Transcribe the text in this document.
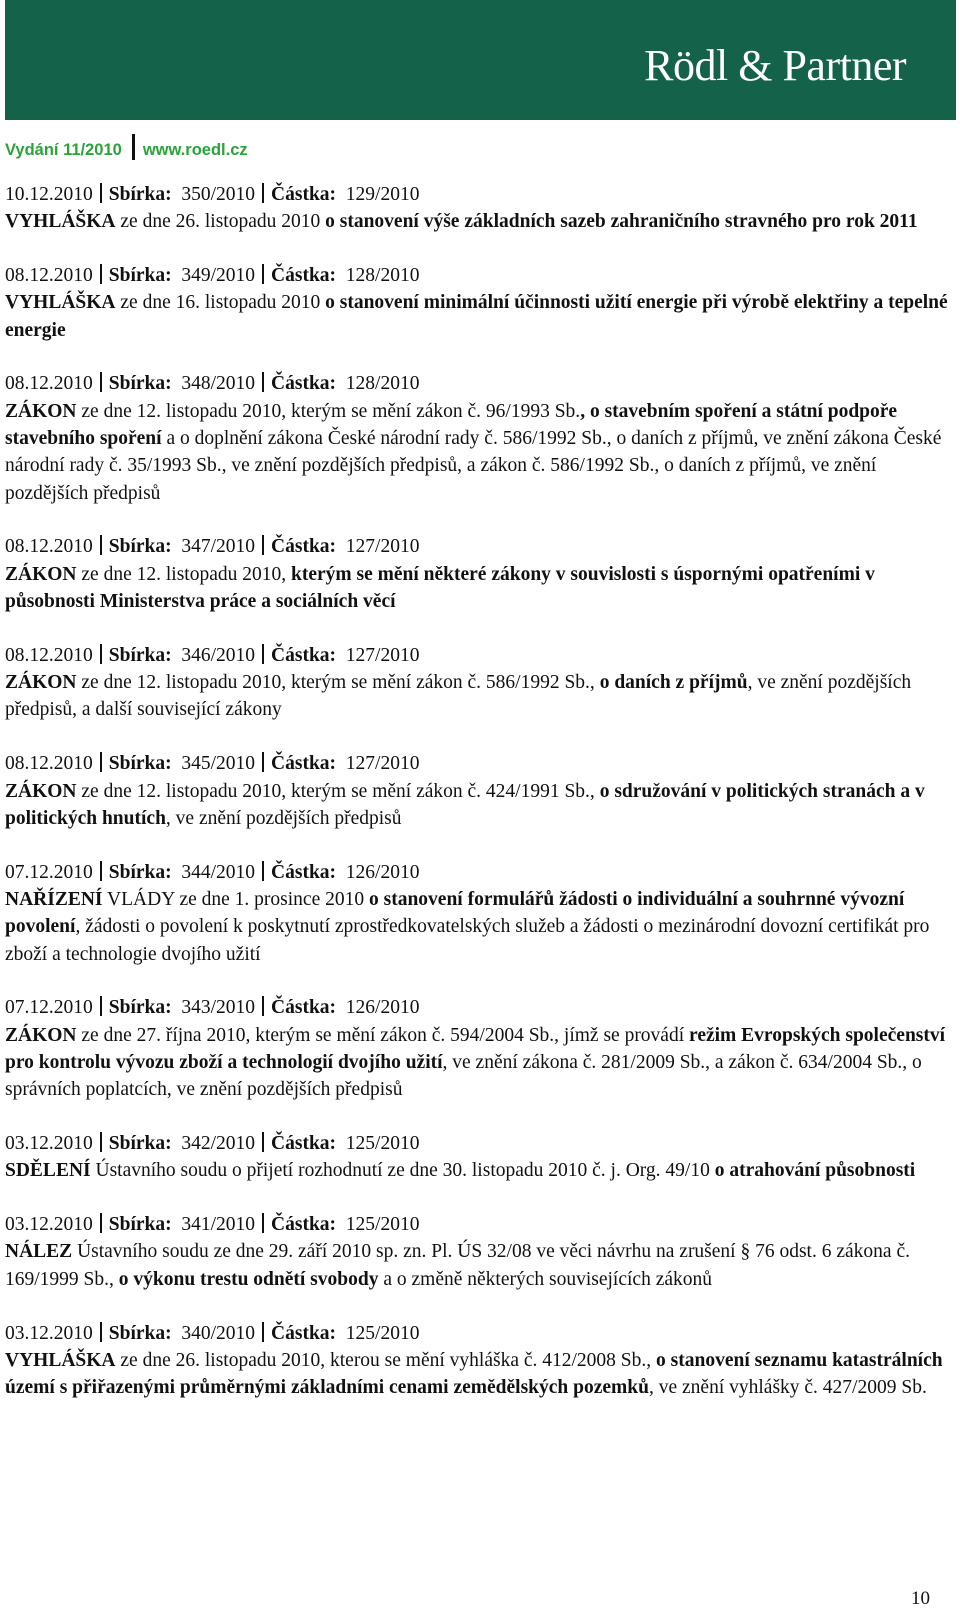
Rödl & Partner
Vydání 11/2010 www.roedl.cz
10.12.2010 Sbírka: 350/2010 Částka: 129/2010
VYHLÁŠKA ze dne 26. listopadu 2010 o stanovení výše základních sazeb zahraničního stravného pro rok 2011
08.12.2010 Sbírka: 349/2010 Částka: 128/2010
VYHLÁŠKA ze dne 16. listopadu 2010 o stanovení minimální účinnosti užití energie při výrobě elektřiny a tepelné energie
08.12.2010 Sbírka: 348/2010 Částka: 128/2010
ZÁKON ze dne 12. listopadu 2010, kterým se mění zákon č. 96/1993 Sb., o stavebním spoření a státní podpoře stavebního spoření a o doplnění zákona České národní rady č. 586/1992 Sb., o daních z příjmů, ve znění zákona České národní rady č. 35/1993 Sb., ve znění pozdějších předpisů, a zákon č. 586/1992 Sb., o daních z příjmů, ve znění pozdějších předpisů
08.12.2010 Sbírka: 347/2010 Částka: 127/2010
ZÁKON ze dne 12. listopadu 2010, kterým se mění některé zákony v souvislosti s úspornými opatřeními v působnosti Ministerstva práce a sociálních věcí
08.12.2010 Sbírka: 346/2010 Částka: 127/2010
ZÁKON ze dne 12. listopadu 2010, kterým se mění zákon č. 586/1992 Sb., o daních z příjmů, ve znění pozdějších předpisů, a další související zákony
08.12.2010 Sbírka: 345/2010 Částka: 127/2010
ZÁKON ze dne 12. listopadu 2010, kterým se mění zákon č. 424/1991 Sb., o sdružování v politických stranách a v politických hnutích, ve znění pozdějších předpisů
07.12.2010 Sbírka: 344/2010 Částka: 126/2010
NAŘÍZENÍ VLÁDY ze dne 1. prosince 2010 o stanovení formulářů žádosti o individuální a souhrnné vývozní povolení, žádosti o povolení k poskytnutí zprostředkovatelských služeb a žádosti o mezinárodní dovozní certifikát pro zboží a technologie dvojího užití
07.12.2010 Sbírka: 343/2010 Částka: 126/2010
ZÁKON ze dne 27. října 2010, kterým se mění zákon č. 594/2004 Sb., jímž se provádí režim Evropských společenství pro kontrolu vývozu zboží a technologií dvojího užití, ve znění zákona č. 281/2009 Sb., a zákon č. 634/2004 Sb., o správních poplatcích, ve znění pozdějších předpisů
03.12.2010 Sbírka: 342/2010 Částka: 125/2010
SDĚLENÍ Ústavního soudu o přijetí rozhodnutí ze dne 30. listopadu 2010 č. j. Org. 49/10 o atrahování působnosti
03.12.2010 Sbírka: 341/2010 Částka: 125/2010
NÁLEZ Ústavního soudu ze dne 29. září 2010 sp. zn. Pl. ÚS 32/08 ve věci návrhu na zrušení § 76 odst. 6 zákona č. 169/1999 Sb., o výkonu trestu odnětí svobody a o změně některých souvisejících zákonů
03.12.2010 Sbírka: 340/2010 Částka: 125/2010
VYHLÁŠKA ze dne 26. listopadu 2010, kterou se mění vyhláška č. 412/2008 Sb., o stanovení seznamu katastrálních území s přiřazenými průměrnými základními cenami zemědělských pozemků, ve znění vyhlášky č. 427/2009 Sb.
10
